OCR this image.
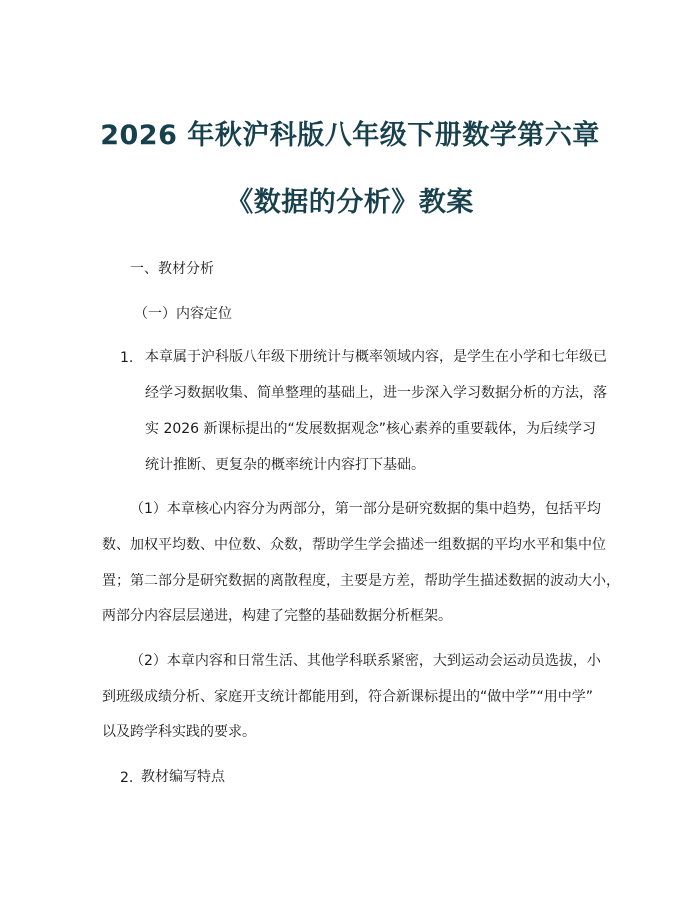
2026 年秋沪科版八年级下册数学第六章
《数据的分析》教案
一、教材分析
（一）内容定位
1. 本章属于沪科版八年级下册统计与概率领域内容，是学生在小学和七年级已
经学习数据收集、简单整理的基础上，进一步深入学习数据分析的方法，落
实 2026 新课标提出的“发展数据观念”核心素养的重要载体，为后续学习
统计推断、更复杂的概率统计内容打下基础。
（1）本章核心内容分为两部分，第一部分是研究数据的集中趋势，包括平均
数、加权平均数、中位数、众数，帮助学生学会描述一组数据的平均水平和集中位
置；第二部分是研究数据的离散程度，主要是方差，帮助学生描述数据的波动大小，
两部分内容层层递进，构建了完整的基础数据分析框架。
（2）本章内容和日常生活、其他学科联系紧密，大到运动会运动员选拔，小
到班级成绩分析、家庭开支统计都能用到，符合新课标提出的“做中学”“用中学”
以及跨学科实践的要求。
2. 教材编写特点
